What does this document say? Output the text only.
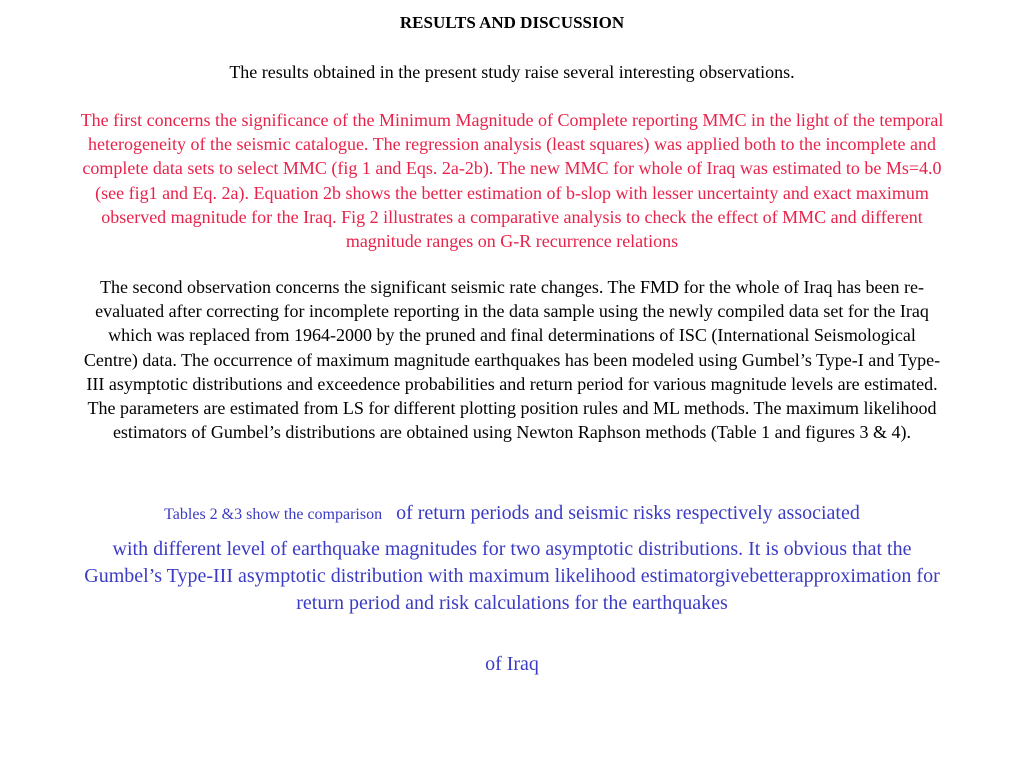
RESULTS AND DISCUSSION
The results obtained in the present study raise several interesting observations.
The first concerns the significance of the Minimum Magnitude of Complete reporting MMC in the light of the temporal heterogeneity of the seismic catalogue. The regression analysis (least squares) was applied both to the incomplete and complete data sets to select MMC (fig 1 and Eqs. 2a-2b). The new MMC for whole of Iraq was estimated to be Ms=4.0 (see fig1 and Eq. 2a). Equation 2b shows the better estimation of b-slop with lesser uncertainty and exact maximum observed magnitude for the Iraq. Fig 2 illustrates a comparative analysis to check the effect of MMC and different magnitude ranges on G-R recurrence relations
The second observation concerns the significant seismic rate changes. The FMD for the whole of Iraq has been re-evaluated after correcting for incomplete reporting in the data sample using the newly compiled data set for the Iraq which was replaced from 1964-2000 by the pruned and final determinations of ISC (International Seismological Centre) data. The occurrence of maximum magnitude earthquakes has been modeled using Gumbel’s Type-I and Type-III asymptotic distributions and exceedence probabilities and return period for various magnitude levels are estimated. The parameters are estimated from LS for different plotting position rules and ML methods. The maximum likelihood estimators of Gumbel’s distributions are obtained using Newton Raphson methods (Table 1 and figures 3 & 4).
Tables 2 &3 show the comparison of return periods and seismic risks respectively associated
with different level of earthquake magnitudes for two asymptotic distributions. It is obvious that the Gumbel’s Type-III asymptotic distribution with maximum likelihood estimatorgivebetterapproximation for return period and risk calculations for the earthquakes
of Iraq
